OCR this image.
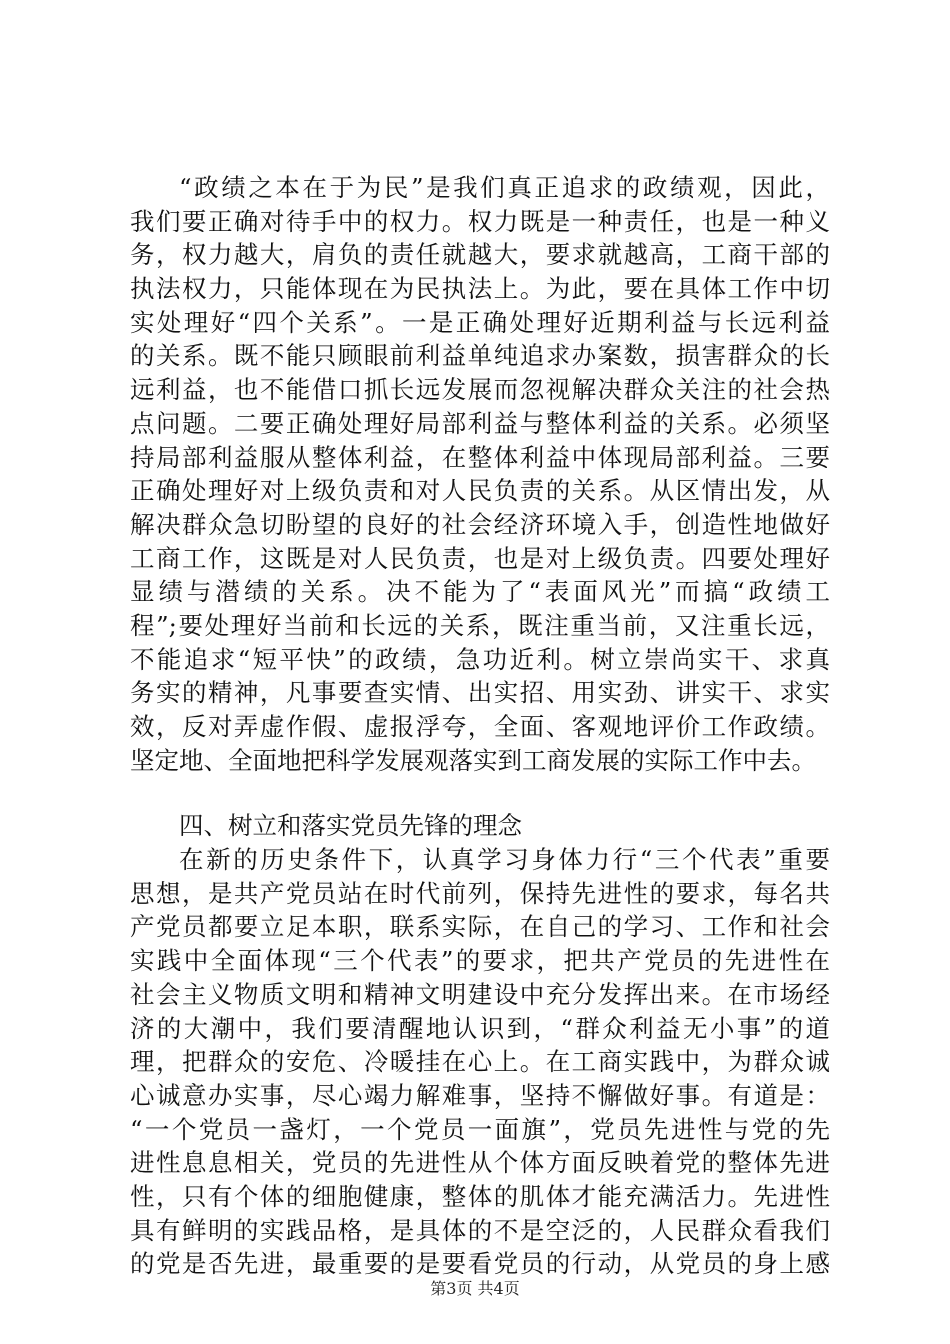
“政绩之本在于为民”是我们真正追求的政绩观，因此，
我们要正确对待手中的权力。权力既是一种责任，也是一种义
务，权力越大，肩负的责任就越大，要求就越高，工商干部的
执法权力，只能体现在为民执法上。为此，要在具体工作中切
实处理好“四个关系”。一是正确处理好近期利益与长远利益
的关系。既不能只顾眼前利益单纯追求办案数，损害群众的长
远利益，也不能借口抓长远发展而忽视解决群众关注的社会热
点问题。二要正确处理好局部利益与整体利益的关系。必须坚
持局部利益服从整体利益，在整体利益中体现局部利益。三要
正确处理好对上级负责和对人民负责的关系。从区情出发，从
解决群众急切盼望的良好的社会经济环境入手，创造性地做好
工商工作，这既是对人民负责，也是对上级负责。四要处理好
显绩与潜绩的关系。决不能为了“表面风光”而搞“政绩工
程”;要处理好当前和长远的关系，既注重当前，又注重长远，
不能追求“短平快”的政绩，急功近利。树立崇尚实干、求真
务实的精神，凡事要查实情、出实招、用实劲、讲实干、求实
效，反对弄虚作假、虚报浮夸，全面、客观地评价工作政绩。
坚定地、全面地把科学发展观落实到工商发展的实际工作中去。
四、树立和落实党员先锋的理念
在新的历史条件下，认真学习身体力行“三个代表”重要
思想，是共产党员站在时代前列，保持先进性的要求，每名共
产党员都要立足本职，联系实际，在自己的学习、工作和社会
实践中全面体现“三个代表”的要求，把共产党员的先进性在
社会主义物质文明和精神文明建设中充分发挥出来。在市场经
济的大潮中，我们要清醒地认识到，“群众利益无小事”的道
理，把群众的安危、冷暖挂在心上。在工商实践中，为群众诚
心诚意办实事，尽心竭力解难事，坚持不懈做好事。有道是：
“一个党员一盏灯，一个党员一面旗”，党员先进性与党的先
进性息息相关，党员的先进性从个体方面反映着党的整体先进
性，只有个体的细胞健康，整体的肌体才能充满活力。先进性
具有鲜明的实践品格，是具体的不是空泛的，人民群众看我们
的党是否先进，最重要的是要看党员的行动，从党员的身上感
第3页 共4页
